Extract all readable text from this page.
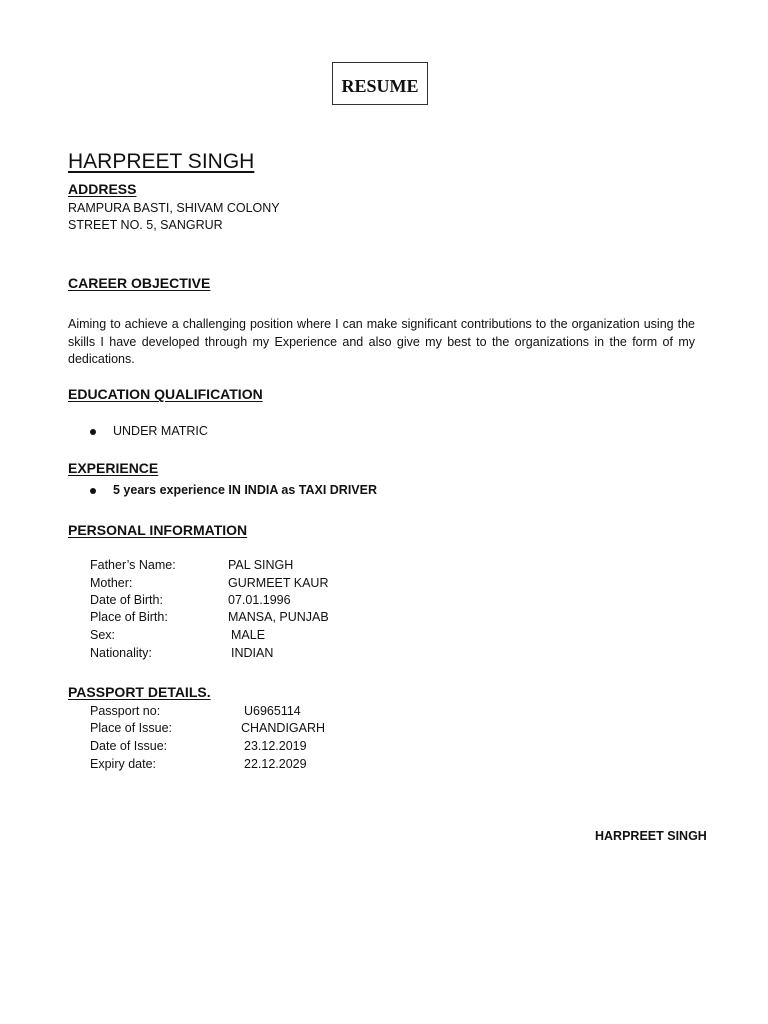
RESUME
HARPREET SINGH
ADDRESS
RAMPURA BASTI, SHIVAM COLONY
STREET NO. 5, SANGRUR
CAREER OBJECTIVE
Aiming to achieve a challenging position where I can make significant contributions to the organization using the skills I have developed through my Experience and also give my best to the organizations in the form of my dedications.
EDUCATION QUALIFICATION
UNDER MATRIC
EXPERIENCE
5 years experience IN INDIA as TAXI DRIVER
PERSONAL INFORMATION
Father’s Name:	PAL SINGH
Mother:	GURMEET KAUR
Date of Birth:	07.01.1996
Place of Birth:	MANSA, PUNJAB
Sex:	MALE
Nationality:	INDIAN
PASSPORT DETAILS.
Passport no:	U6965114
Place of Issue:	CHANDIGARH
Date of Issue:	23.12.2019
Expiry date:	22.12.2029
HARPREET SINGH
